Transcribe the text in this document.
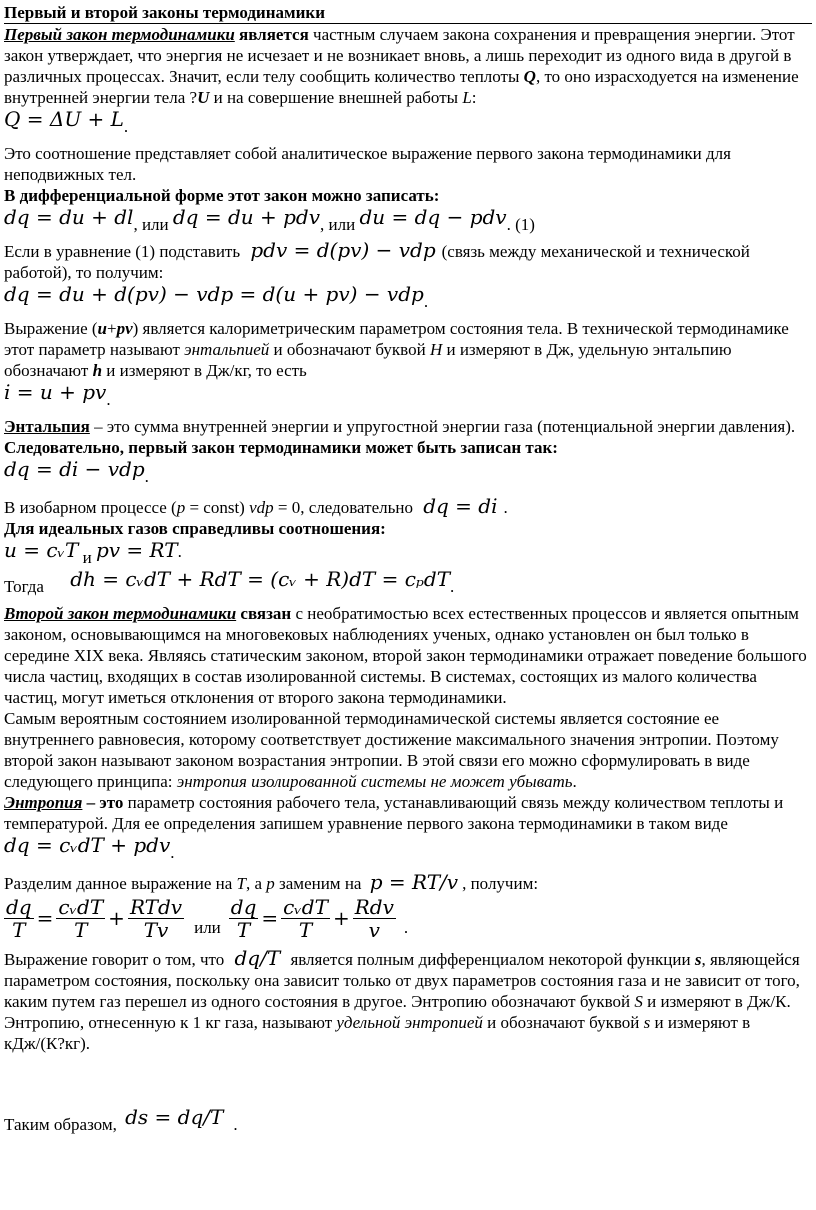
Первый и второй законы термодинамики

Первый закон термодинамики является частным случаем закона сохранения и превращения энергии. Этот закон утверждает, что энергия не исчезает и не возникает вновь, а лишь переходит из одного вида в другой в различных процессах. Значит, если телу сообщить количество теплоты Q, то оно израсходуется на изменение внутренней энергии тела ?U и на совершение внешней работы L:

Q = ΔU + L.

Это соотношение представляет собой аналитическое выражение первого закона термодинамики для неподвижных тел.

В дифференциальной форме этот закон можно записать:

dq = du + dl, или dq = du + pdv, или du = dq − pdv. (1)

Если в уравнение (1) подставить pdv = d(pv) − vdp (связь между механической и технической работой), то получим:

dq = du + d(pv) − vdp = d(u + pv) − vdp.

Выражение (u+pv) является калориметрическим параметром состояния тела. В технической термодинамике этот параметр называют энтальпией и обозначают буквой H и измеряют в Дж, удельную энтальпию обозначают h и измеряют в Дж/кг, то есть

i = u + pv.

Энтальпия – это сумма внутренней энергии и упругостной энергии газа (потенциальной энергии давления).

Следовательно, первый закон термодинамики может быть записан так:

dq = di − vdp.

В изобарном процессе (p = const) vdp = 0, следовательно dq = di .

Для идеальных газов справедливы соотношения:

u = cᵥT и pv = RT.

Тогда dh = cᵥdT + RdT = (cᵥ + R)dT = cₚdT.

Второй закон термодинамики связан с необратимостью всех естественных процессов и является опытным законом, основывающимся на многовековых наблюдениях ученых, однако установлен он был только в середине XIX века. Являясь статическим законом, второй закон термодинамики отражает поведение большого числа частиц, входящих в состав изолированной системы. В системах, состоящих из малого количества частиц, могут иметься отклонения от второго закона термодинамики.

Самым вероятным состоянием изолированной термодинамической системы является состояние ее внутреннего равновесия, которому соответствует достижение максимального значения энтропии. Поэтому второй закон называют законом возрастания энтропии. В этой связи его можно сформулировать в виде следующего принципа: энтропия изолированной системы не может убывать.

Энтропия – это параметр состояния рабочего тела, устанавливающий связь между количеством теплоты и температурой. Для ее определения запишем уравнение первого закона термодинамики в таком виде

dq = cᵥdT + pdv.

Разделим данное выражение на T, а p заменим на p = RT/v , получим:

$\frac{dq}{T} = \frac{\text{cᵥdT}}{T} + \frac{\text{RTdv}}{Tv}$ или $\frac{dq}{T} = \frac{\text{cᵥdT}}{T} + \frac{\text{Rdv}}{v}$ .

Выражение говорит о том, что dq/T является полным дифференциалом некоторой функции s, являющейся параметром состояния, поскольку она зависит только от двух параметров состояния газа и не зависит от того, каким путем газ перешел из одного состояния в другое. Энтропию обозначают буквой S и измеряют в Дж/К. Энтропию, отнесенную к 1 кг газа, называют удельной энтропией и обозначают буквой s и измеряют в кДж/(К?кг).

Таким образом, ds = dq/T .
